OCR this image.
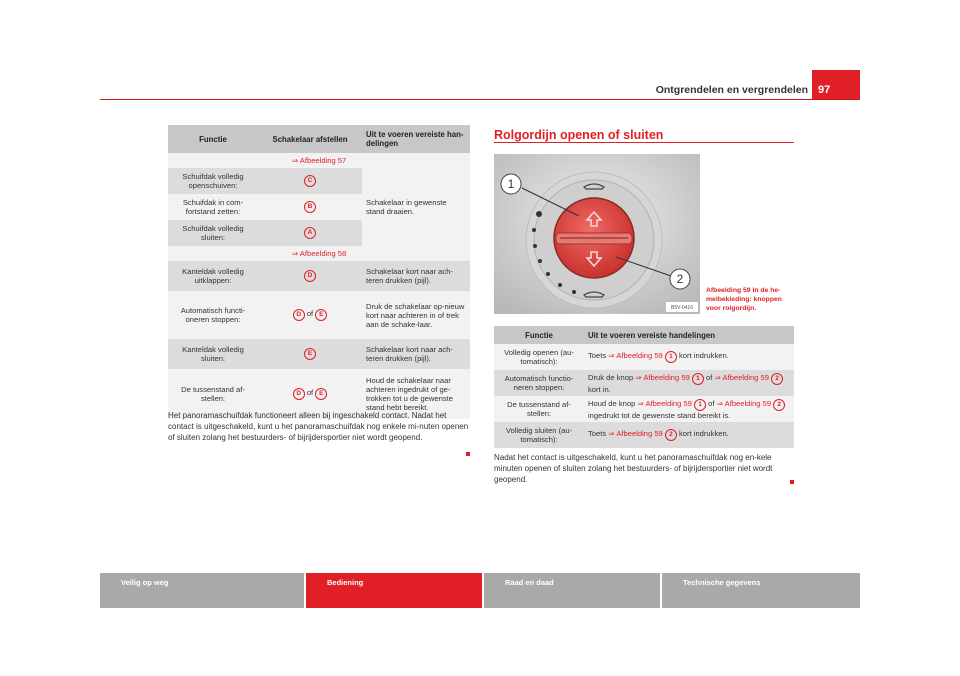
Ontgrendelen en vergrendelen 97
Functie	Schakelaar afstellen	Uit te voeren vereiste han-delingen
⇒ Afbeelding 57		
Schuifdak volledig openschuiven:	C	Schakelaar in gewenste stand draaien.
Schuifdak in com-fortstand zetten:	B	
Schuifdak volledig sluiten:	A	
⇒ Afbeelding 58		
Kanteldak volledig uitklappen:	D	Schakelaar kort naar ach-teren drukken (pijl).
Automatisch functi-oneren stoppen:	D of E	Druk de schakelaar op-nieuw kort naar achteren in of trek aan de schake-laar.
Kanteldak volledig sluiten:	E	Schakelaar kort naar ach-teren drukken (pijl).
De tussenstand af-stellen:	D of E	Houd de schakelaar naar achteren ingedrukt of ge-trokken tot u de gewenste stand hebt bereikt.
Het panoramaschuifdak functioneert alleen bij ingeschakeld contact. Nadat het contact is uitgeschakeld, kunt u het panoramaschuifdak nog enkele mi-nuten openen of sluiten zolang het bestuurders- of bijrijdersportier niet wordt geopend.
Rolgordijn openen of sluiten
1
2
B5V-0416
Afbeelding 59 In de he-melbekleding: knoppen voor rolgordijn.
Functie	Uit te voeren vereiste handelingen
Volledig openen (au-tomatisch):	Toets ⇒ Afbeelding 59 1 kort indrukken.
Automatisch functio-neren stoppen:	Druk de knop ⇒ Afbeelding 59 1 of ⇒ Afbeelding 59 2 kort in.
De tussenstand af-stellen:	Houd de knop ⇒ Afbeelding 59 1 of ⇒ Afbeelding 59 2 ingedrukt tot de gewenste stand bereikt is.
Volledig sluiten (au-tomatisch):	Toets ⇒ Afbeelding 59 2 kort indrukken.
Nadat het contact is uitgeschakeld, kunt u het panoramaschuifdak nog en-kele minuten openen of sluiten zolang het bestuurders- of bijrijdersportier niet wordt geopend.
Veilig op weg	Bediening	Raad en daad	Technische gegevens
